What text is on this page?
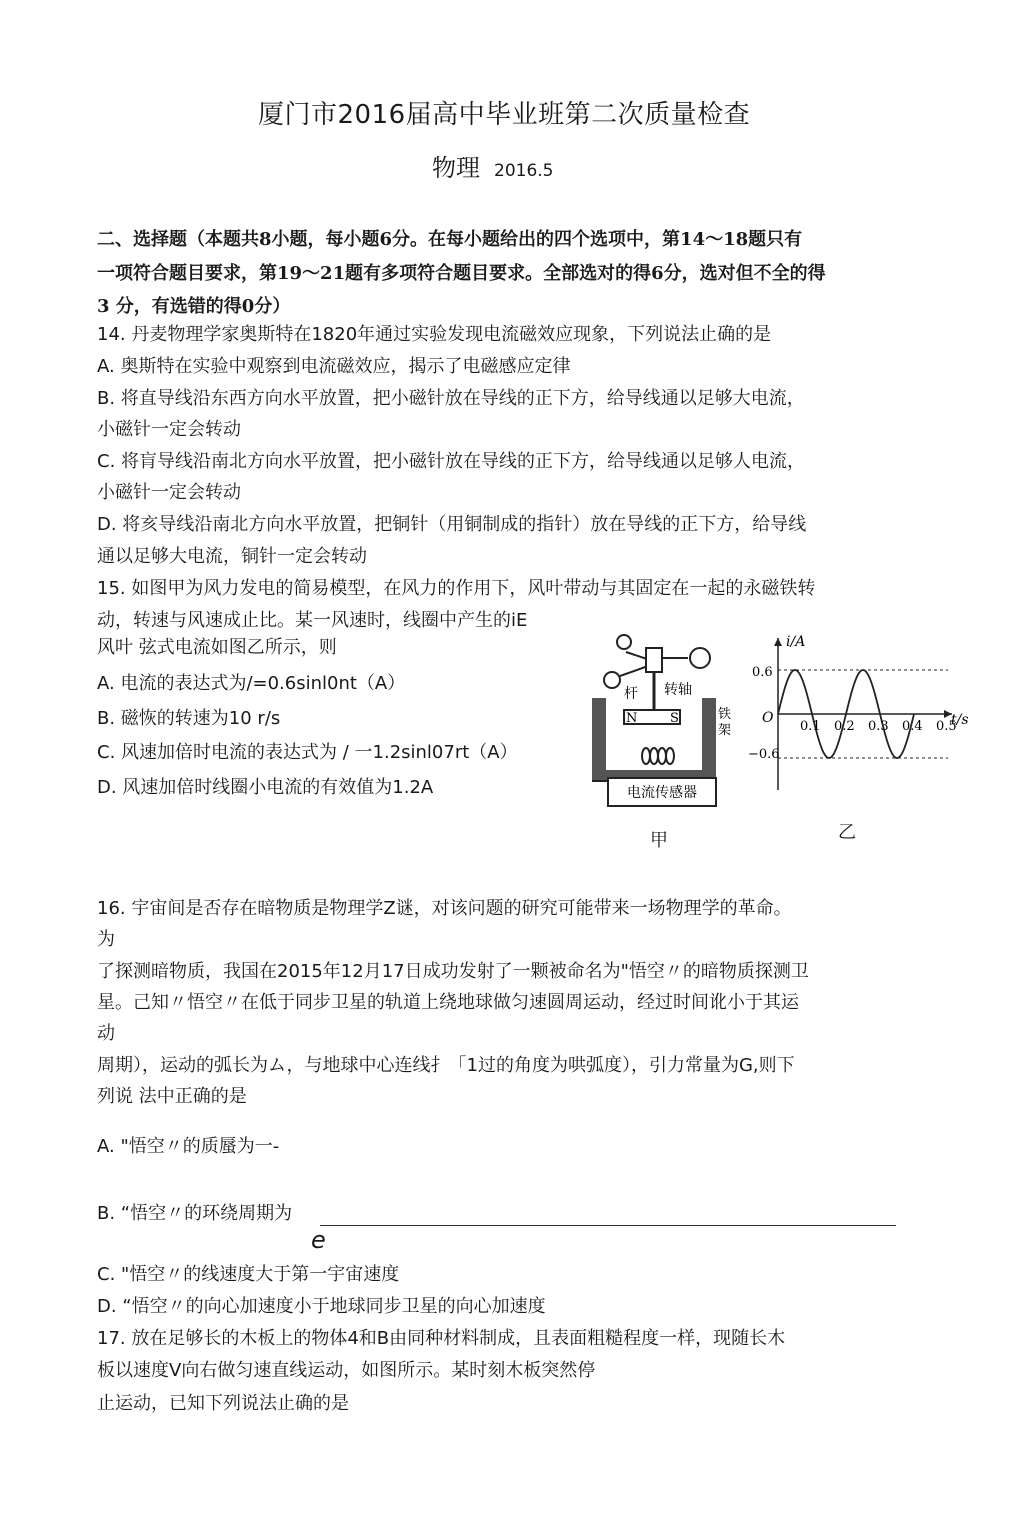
厦门市2016届高中毕业班第二次质量检查
物理 2016.5
二、选择题（本题共8小题，每小题6分。在每小题给出的四个选项中，第14～18题只有
一项符合题目要求，第19～21题有多项符合题目要求。全部选对的得6分，选对但不全的得
3 分，有选错的得0分）
14. 丹麦物理学家奥斯特在1820年通过实验发现电流磁效应现象，下列说法止确的是
A. 奥斯特在实验中观察到电流磁效应，揭示了电磁感应定律
B. 将直导线沿东西方向水平放置，把小磁针放在导线的正下方，给导线通以足够大电流，
小磁针一定会转动
C. 将肓导线沿南北方向水平放置，把小磁针放在导线的正下方，给导线通以足够人电流，
小磁针一定会转动
D. 将亥导线沿南北方向水平放置，把铜针（用铜制成的指针）放在导线的正下方，给导线
通以足够大电流，铜针一定会转动
15. 如图甲为风力发电的简易模型，在风力的作用下，风叶带动与其固定在一起的永磁铁转
动，转速与风速成止比。某一风速时，线圈中产生的iE
风叶 弦式电流如图乙所示，则
A. 电流的表达式为/=0.6sinl0nt（A）
B. 磁恢的转速为10 r/s
C. 风速加倍时电流的表达式为 / 一1.2sinl07rt（A）
D. 风速加倍时线圈小电流的有效值为1.2A	电流传感器
杆 转轴
N	S
磁铁
铁
架
甲
i/A
t/s
O
0.6
−0.6
0.1 0.2 0.3 0.4 0.5
乙
16. 宇宙间是否存在暗物质是物理学Z谜，对该问题的研究可能带来一场物理学的革命。
为
了探测暗物质，我国在2015年12月17日成功发射了一颗被命名为"悟空〃的暗物质探测卫
星。己知〃悟空〃在低于同步卫星的轨道上绕地球做匀速圆周运动，经过时间讹小于其运
动
周期），运动的弧长为ム，与地球中心连线扌「1过的角度为哄弧度），引力常量为G,则下
列说 法中正确的是
A. "悟空〃的质蜃为一-
B. “悟空〃的环绕周期为
e
C. "悟空〃的线速度大于第一宇宙速度
D. “悟空〃的向心加速度小于地球同步卫星的向心加速度
17. 放在足够长的木板上的物体4和B由同种材料制成，且表面粗糙程度一样，现随长木
板以速度V向右做匀速直线运动，如图所示。某时刻木板突然停
止运动，已知下列说法止确的是
